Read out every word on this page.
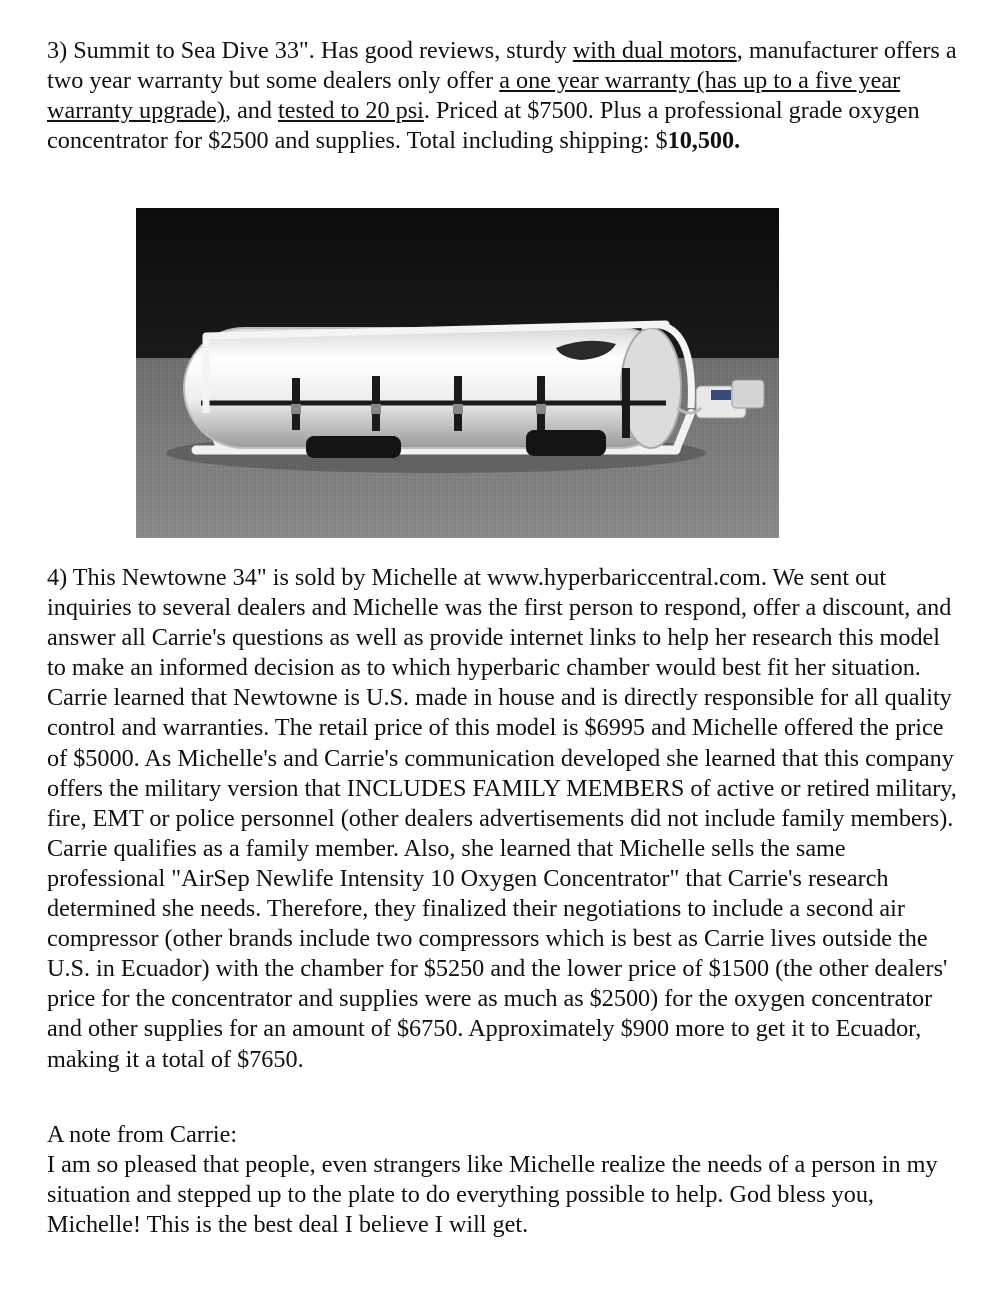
3) Summit to Sea Dive 33". Has good reviews, sturdy with dual motors, manufacturer offers a two year warranty but some dealers only offer a one year warranty (has up to a five year warranty upgrade), and tested to 20 psi. Priced at $7500. Plus a professional grade oxygen concentrator for $2500 and supplies. Total including shipping: $10,500.

4) This Newtowne 34" is sold by Michelle at www.hyperbariccentral.com. We sent out inquiries to several dealers and Michelle was the first person to respond, offer a discount, and answer all Carrie's questions as well as provide internet links to help her research this model to make an informed decision as to which hyperbaric chamber would best fit her situation. Carrie learned that Newtowne is U.S. made in house and is directly responsible for all quality control and warranties. The retail price of this model is $6995 and Michelle offered the price of $5000. As Michelle's and Carrie's communication developed she learned that this company offers the military version that INCLUDES FAMILY MEMBERS of active or retired military, fire, EMT or police personnel (other dealers advertisements did not include family members). Carrie qualifies as a family member. Also, she learned that Michelle sells the same professional "AirSep Newlife Intensity 10 Oxygen Concentrator" that Carrie's research determined she needs. Therefore, they finalized their negotiations to include a second air compressor (other brands include two compressors which is best as Carrie lives outside the U.S. in Ecuador) with the chamber for $5250 and the lower price of $1500 (the other dealers' price for the concentrator and supplies were as much as $2500) for the oxygen concentrator and other supplies for an amount of $6750. Approximately $900 more to get it to Ecuador, making it a total of $7650.

A note from Carrie:

I am so pleased that people, even strangers like Michelle realize the needs of a person in my situation and stepped up to the plate to do everything possible to help. God bless you, Michelle! This is the best deal I believe I will get.
